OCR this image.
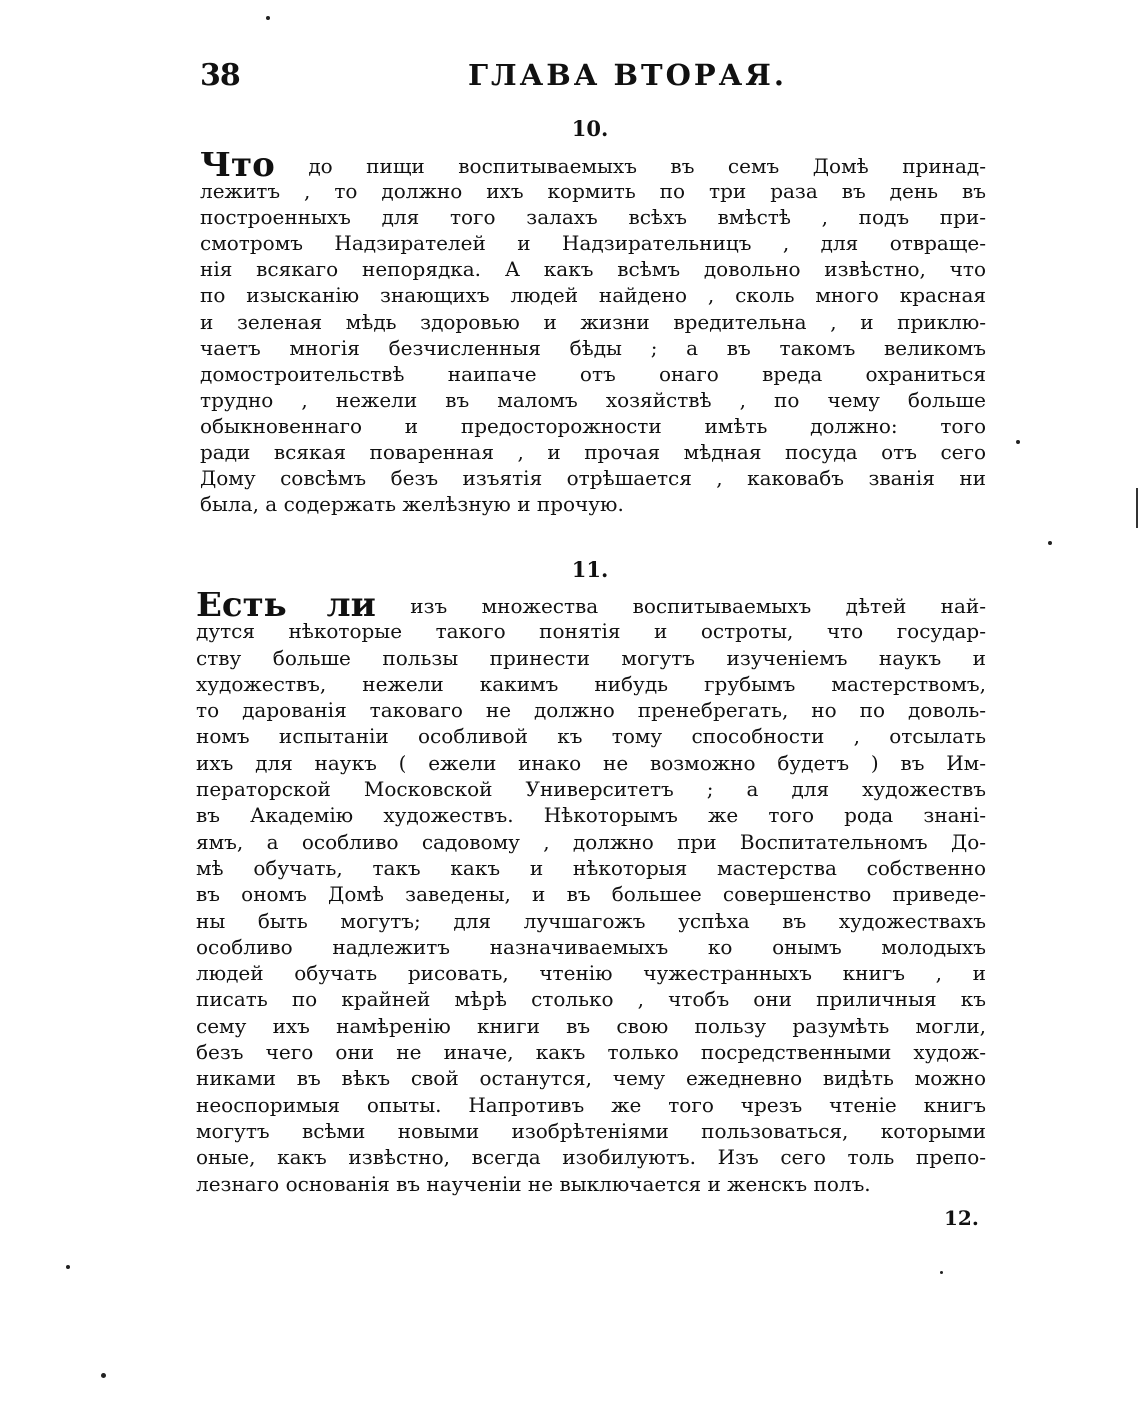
38	ГЛАВА ВТОРАЯ.
10.
Что до пищи воспитываемыхъ въ семъ Домѣ принад-
лежитъ , то должно ихъ кормить по три раза въ день въ
построенныхъ для того залахъ всѣхъ вмѣстѣ , подъ при-
смотромъ Надзирателей и Надзирательницъ , для отвраще-
нія всякаго непорядка. А какъ всѣмъ довольно извѣстно, что
по изысканію знающихъ людей найдено , сколь много красная
и зеленая мѣдь здоровью и жизни вредительна , и приклю-
чаетъ многія безчисленныя бѣды ; а въ такомъ великомъ
домостроительствѣ наипаче отъ онаго вреда охраниться
трудно , нежели въ маломъ хозяйствѣ , по чему больше
обыкновеннаго и предосторожности имѣть должно: того
ради всякая поваренная , и прочая мѣдная посуда отъ сего
Дому совсѣмъ безъ изъятія отрѣшается , каковабъ званія ни
была, а содержать желѣзную и прочую.
11.
Есть ли изъ множества воспитываемыхъ дѣтей най-
дутся нѣкоторые такого понятія и остроты, что государ-
ству больше пользы принести могутъ изученіемъ наукъ и
художествъ, нежели какимъ нибудь грубымъ мастерствомъ,
то дарованія таковаго не должно пренебрегать, но по доволь-
номъ испытаніи особливой къ тому способности , отсылать
ихъ для наукъ ( ежели инако не возможно будетъ ) въ Им-
ператорской Московской Университетъ ; а для художествъ
въ Академію художествъ. Нѣкоторымъ же того рода знані-
ямъ, а особливо садовому , должно при Воспитательномъ До-
мѣ обучать, такъ какъ и нѣкоторыя мастерства собственно
въ ономъ Домѣ заведены, и въ большее совершенство приведе-
ны быть могутъ; для лучшагожъ успѣха въ художествахъ
особливо надлежитъ назначиваемыхъ ко онымъ молодыхъ
людей обучать рисовать, чтенію чужестранныхъ книгъ , и
писать по крайней мѣрѣ столько , чтобъ они приличныя къ
сему ихъ намѣренію книги въ свою пользу разумѣть могли,
безъ чего они не иначе, какъ только посредственными худож-
никами въ вѣкъ свой останутся, чему ежедневно видѣть можно
неоспоримыя опыты. Напротивъ же того чрезъ чтеніе книгъ
могутъ всѣми новыми изобрѣтеніями пользоваться, которыми
оные, какъ извѣстно, всегда изобилуютъ. Изъ сего толь препо-
лезнаго основанія въ наученіи не выключается и женскъ полъ.
12.
